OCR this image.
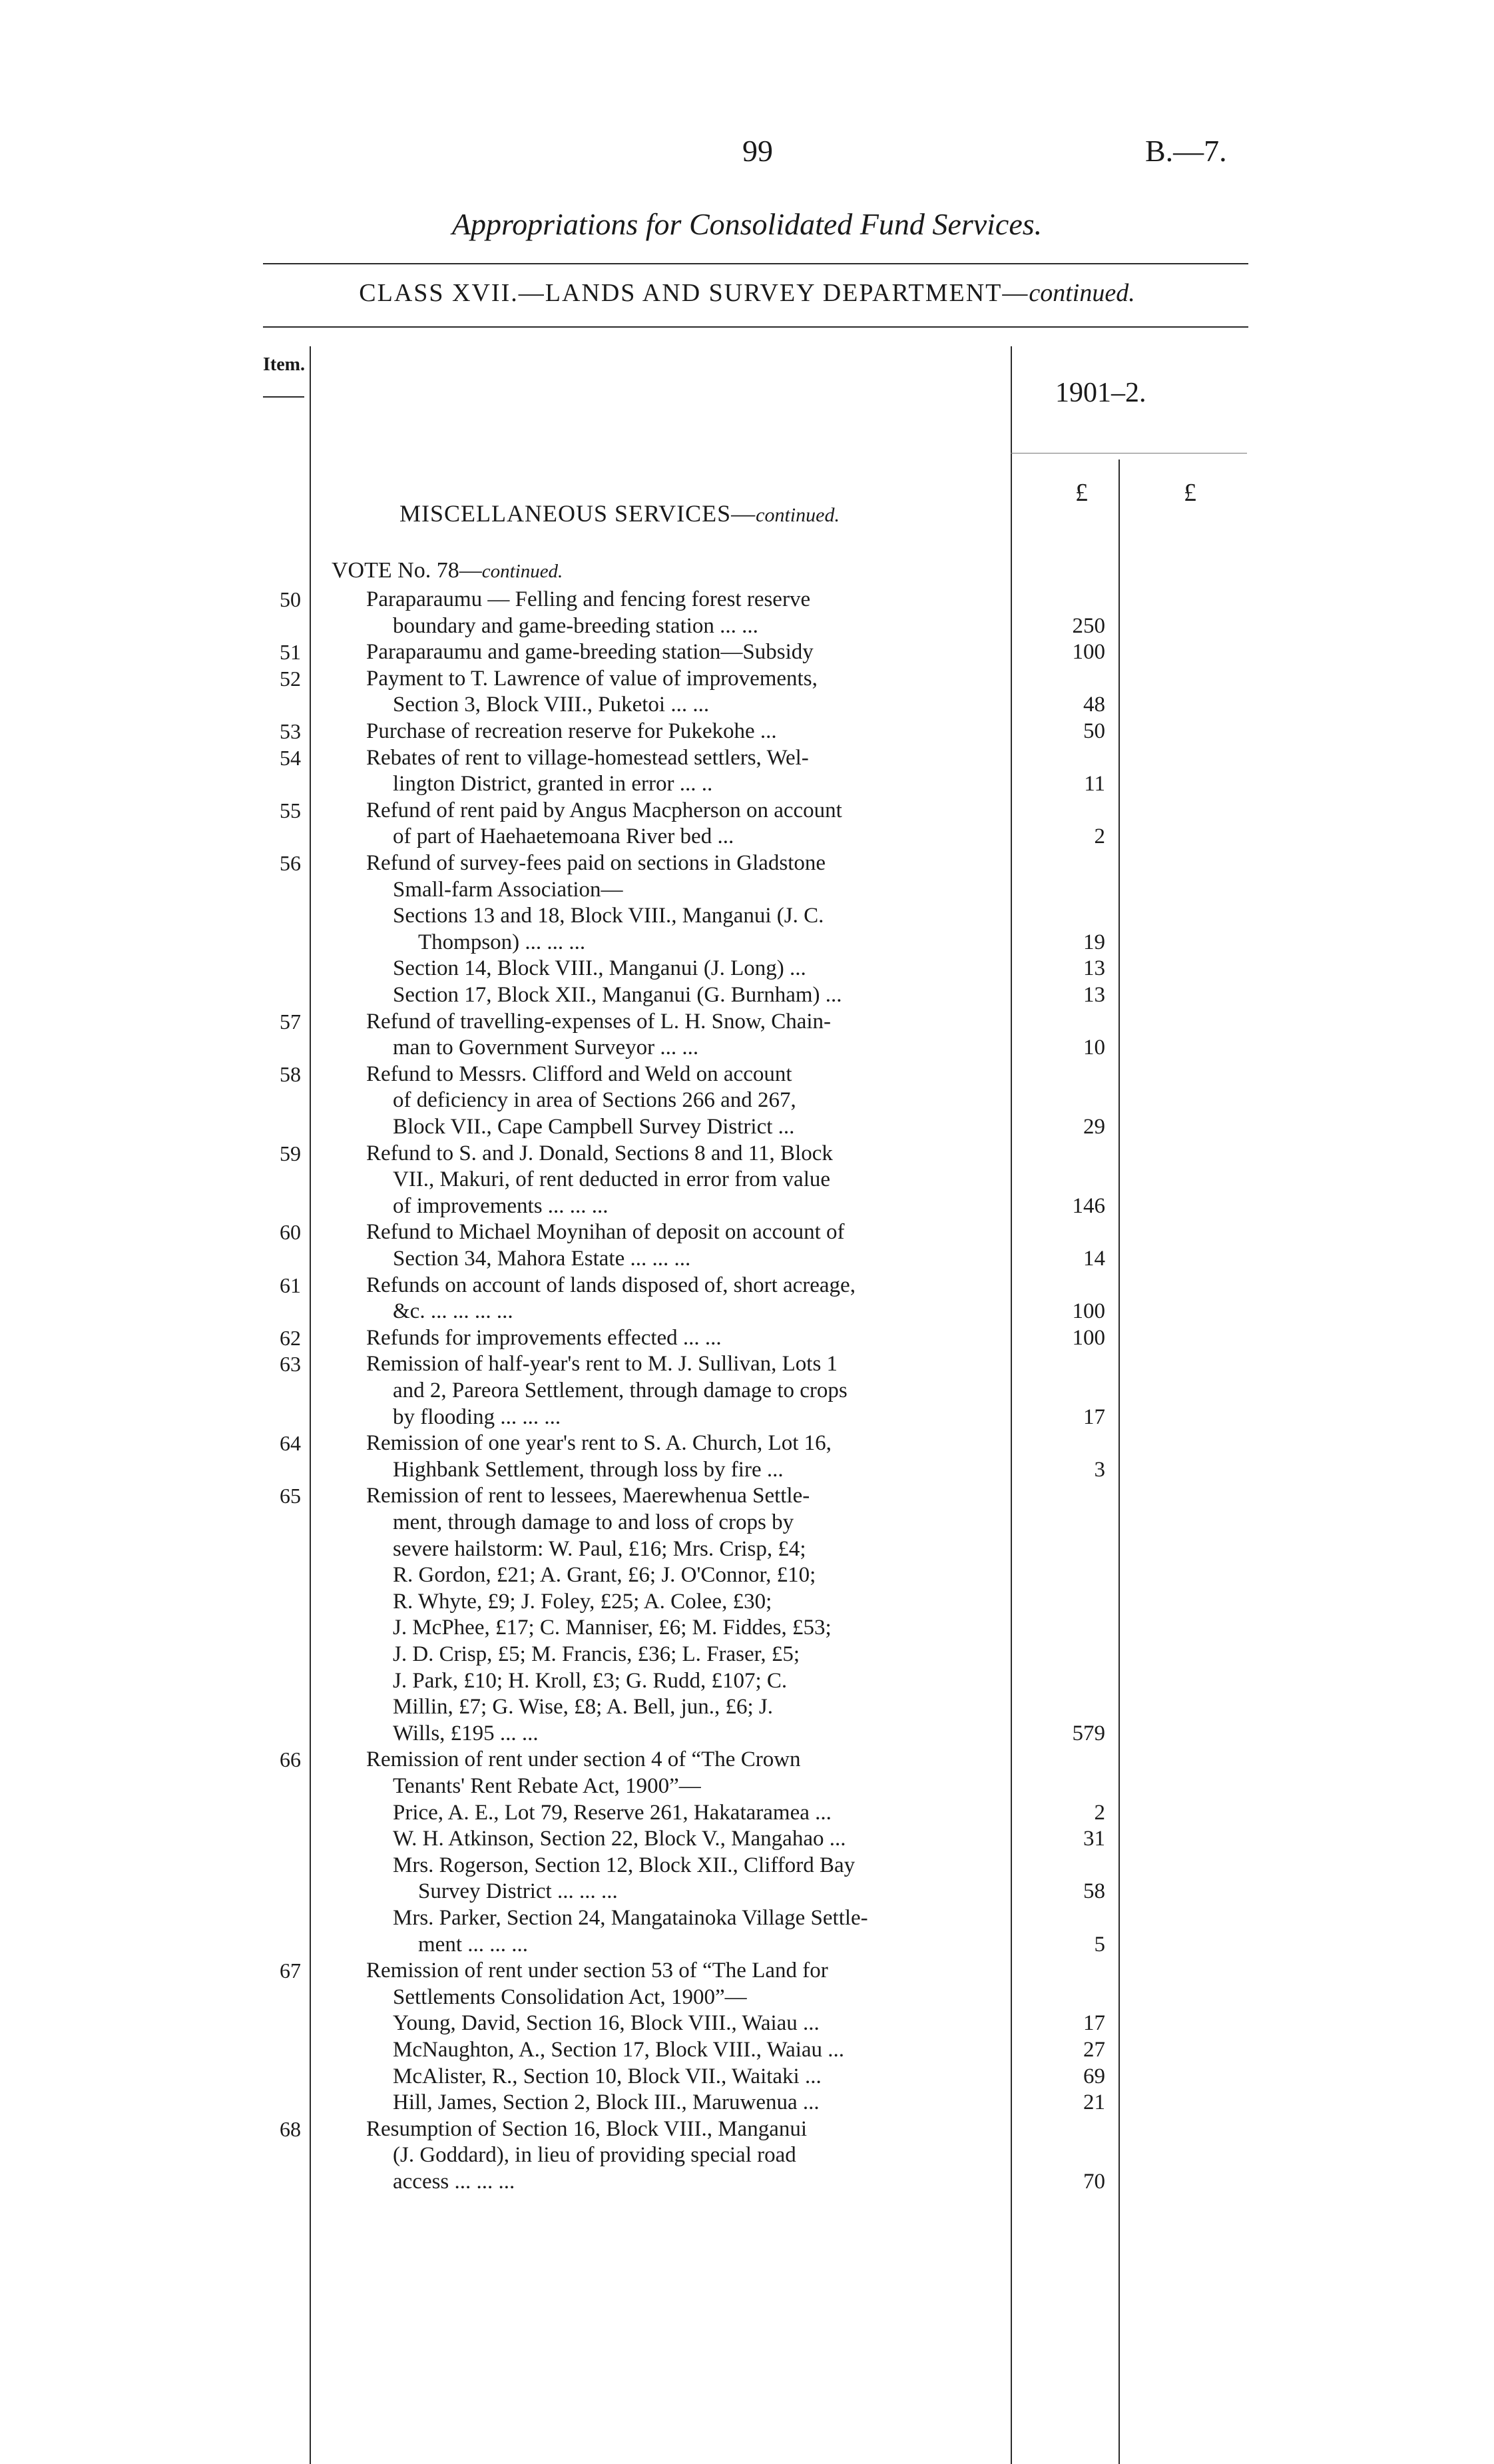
99	B.—7.
Appropriations for Consolidated Fund Services.
CLASS XVII.—LANDS AND SURVEY DEPARTMENT—continued.
Item.
1901–2.
£	£
MISCELLANEOUS SERVICES—continued.
VOTE No. 78—continued.
50	Paraparaumu — Felling and fencing forest reserve
boundary and game-breeding station ... ...	250
51	Paraparaumu and game-breeding station—Subsidy	100
52	Payment to T. Lawrence of value of improvements,
Section 3, Block VIII., Puketoi ... ...	48
53	Purchase of recreation reserve for Pukekohe ...	50
54	Rebates of rent to village-homestead settlers, Wel-
lington District, granted in error ... ..	11
55	Refund of rent paid by Angus Macpherson on account
of part of Haehaetemoana River bed ...	2
56	Refund of survey-fees paid on sections in Gladstone
Small-farm Association—
Sections 13 and 18, Block VIII., Manganui (J. C.
Thompson) ... ... ...	19
Section 14, Block VIII., Manganui (J. Long) ...	13
Section 17, Block XII., Manganui (G. Burnham) ...	13
57	Refund of travelling-expenses of L. H. Snow, Chain-
man to Government Surveyor ... ...	10
58	Refund to Messrs. Clifford and Weld on account
of deficiency in area of Sections 266 and 267,
Block VII., Cape Campbell Survey District ...	29
59	Refund to S. and J. Donald, Sections 8 and 11, Block
VII., Makuri, of rent deducted in error from value
of improvements ... ... ...	146
60	Refund to Michael Moynihan of deposit on account of
Section 34, Mahora Estate ... ... ...	14
61	Refunds on account of lands disposed of, short acreage,
&c. ... ... ... ...	100
62	Refunds for improvements effected ... ...	100
63	Remission of half-year's rent to M. J. Sullivan, Lots 1
and 2, Pareora Settlement, through damage to crops
by flooding ... ... ...	17
64	Remission of one year's rent to S. A. Church, Lot 16,
Highbank Settlement, through loss by fire ...	3
65	Remission of rent to lessees, Maerewhenua Settle-
ment, through damage to and loss of crops by
severe hailstorm: W. Paul, £16; Mrs. Crisp, £4;
R. Gordon, £21; A. Grant, £6; J. O'Connor, £10;
R. Whyte, £9; J. Foley, £25; A. Colee, £30;
J. McPhee, £17; C. Manniser, £6; M. Fiddes, £53;
J. D. Crisp, £5; M. Francis, £36; L. Fraser, £5;
J. Park, £10; H. Kroll, £3; G. Rudd, £107; C.
Millin, £7; G. Wise, £8; A. Bell, jun., £6; J.
Wills, £195 ... ...	579
66	Remission of rent under section 4 of “The Crown
Tenants' Rent Rebate Act, 1900”—
Price, A. E., Lot 79, Reserve 261, Hakataramea ...	2
W. H. Atkinson, Section 22, Block V., Mangahao ...	31
Mrs. Rogerson, Section 12, Block XII., Clifford Bay
Survey District ... ... ...	58
Mrs. Parker, Section 24, Mangatainoka Village Settle-
ment ... ... ...	5
67	Remission of rent under section 53 of “The Land for
Settlements Consolidation Act, 1900”—
Young, David, Section 16, Block VIII., Waiau ...	17
McNaughton, A., Section 17, Block VIII., Waiau ...	27
McAlister, R., Section 10, Block VII., Waitaki ...	69
Hill, James, Section 2, Block III., Maruwenua ...	21
68	Resumption of Section 16, Block VIII., Manganui
(J. Goddard), in lieu of providing special road
access ... ... ...	70
